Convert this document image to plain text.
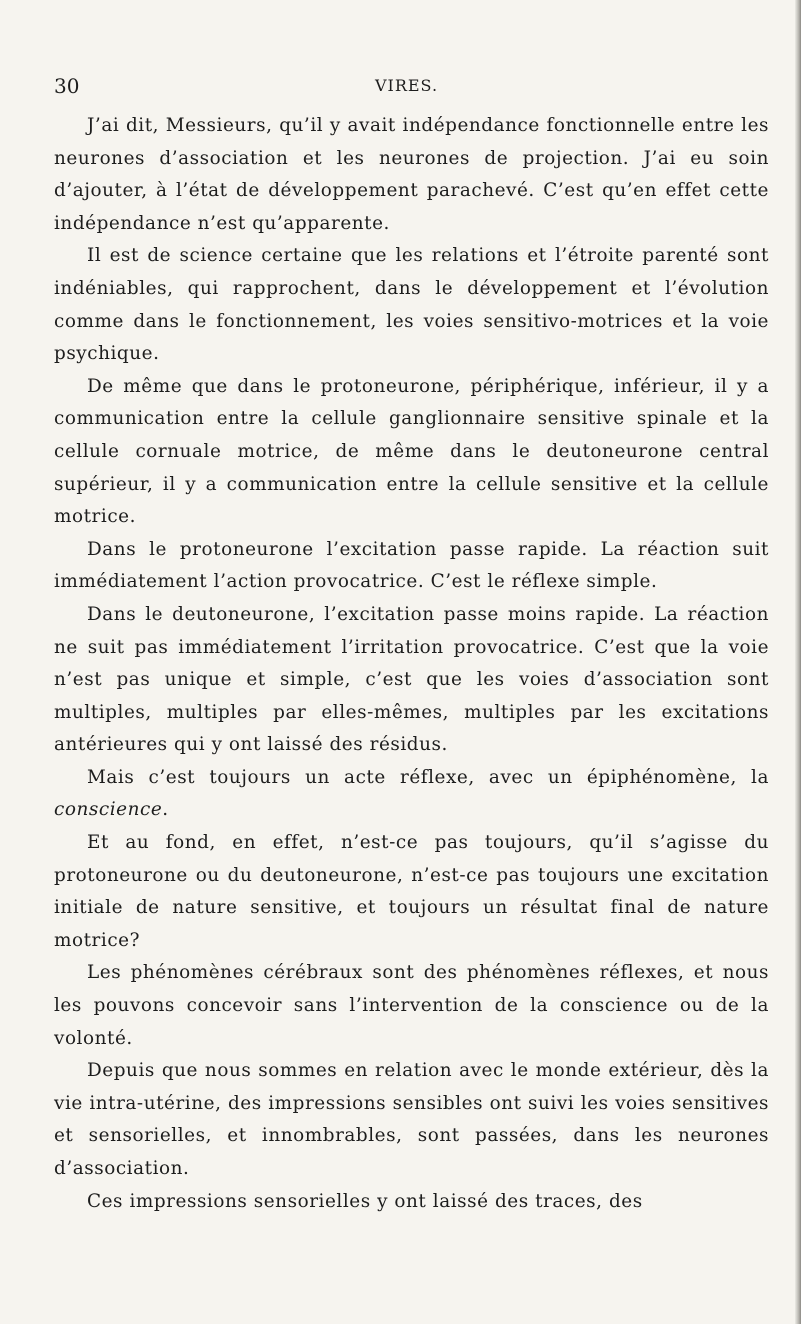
30	VIRES.

J’ai dit, Messieurs, qu’il y avait indépendance fonctionnelle entre les neurones d’association et les neurones de projection. J’ai eu soin d’ajouter, à l’état de développement parachevé. C’est qu’en effet cette indépendance n’est qu’apparente.

Il est de science certaine que les relations et l’étroite parenté sont indéniables, qui rapprochent, dans le développement et l’évolution comme dans le fonctionnement, les voies sensitivo-motrices et la voie psychique.

De même que dans le protoneurone, périphérique, inférieur, il y a communication entre la cellule ganglionnaire sensitive spinale et la cellule cornuale motrice, de même dans le deutoneurone central supérieur, il y a communication entre la cellule sensitive et la cellule motrice.

Dans le protoneurone l’excitation passe rapide. La réaction suit immédiatement l’action provocatrice. C’est le réflexe simple.

Dans le deutoneurone, l’excitation passe moins rapide. La réaction ne suit pas immédiatement l’irritation provocatrice. C’est que la voie n’est pas unique et simple, c’est que les voies d’association sont multiples, multiples par elles-mêmes, multiples par les excitations antérieures qui y ont laissé des résidus.

Mais c’est toujours un acte réflexe, avec un épiphénomène, la conscience.

Et au fond, en effet, n’est-ce pas toujours, qu’il s’agisse du protoneurone ou du deutoneurone, n’est-ce pas toujours une excitation initiale de nature sensitive, et toujours un résultat final de nature motrice?

Les phénomènes cérébraux sont des phénomènes réflexes, et nous les pouvons concevoir sans l’intervention de la conscience ou de la volonté.

Depuis que nous sommes en relation avec le monde extérieur, dès la vie intra-utérine, des impressions sensibles ont suivi les voies sensitives et sensorielles, et innombrables, sont passées, dans les neurones d’association.

Ces impressions sensorielles y ont laissé des traces, des
